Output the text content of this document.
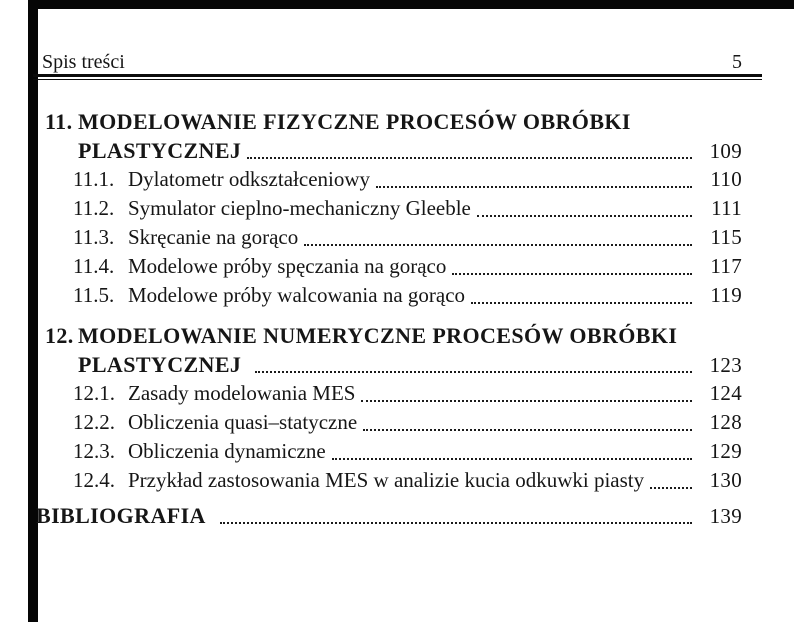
Spis treści	5
11. MODELOWANIE FIZYCZNE PROCESÓW OBRÓBKI
PLASTYCZNEJ	109
11.1. Dylatometr odkształceniowy	110
11.2. Symulator cieplno-mechaniczny Gleeble	111
11.3. Skręcanie na gorąco	115
11.4. Modelowe próby spęczania na gorąco	117
11.5. Modelowe próby walcowania na gorąco	119
12. MODELOWANIE NUMERYCZNE PROCESÓW OBRÓBKI
PLASTYCZNEJ	123
12.1. Zasady modelowania MES	124
12.2. Obliczenia quasi–statyczne	128
12.3. Obliczenia dynamiczne	129
12.4. Przykład zastosowania MES w analizie kucia odkuwki piasty	130
BIBLIOGRAFIA	139
